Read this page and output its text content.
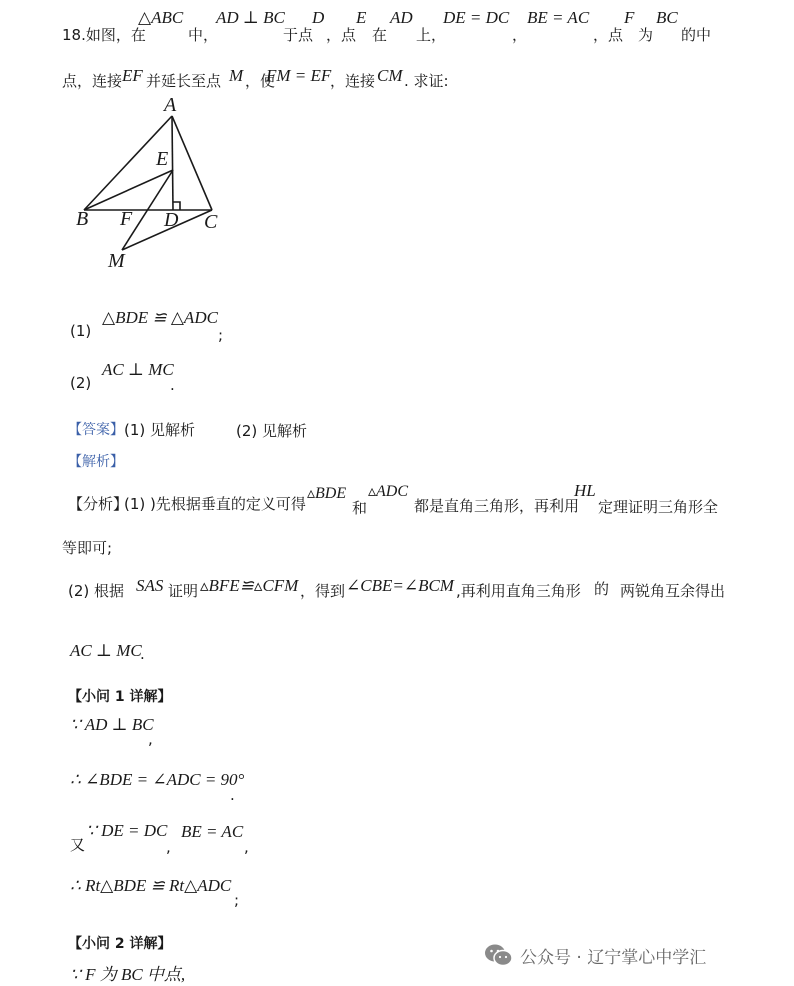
18.如图，在
△ABC
中，
AD ⊥ BC
于点
D
，点
E
在
AD
上，
DE = DC
，
BE = AC
，点
F
为
BC
的中
点，连接 EF 并延长至点 M ，使
FM = EF
，连接 CM . 求证:
A
E
B F D C
M
(1)
△BDE ≌ △ADC
;
(2)
AC ⊥ MC
.
【答案】 (1) 见解析	(2) 见解析
【解析】
【分析】
(1) )先根据垂直的定义可得
▵BDE
和
▵ADC
都是直角三角形，再利用
HL
定理证明三角形全
等即可;
(2) 根据 SAS 证明 ▵BFE≌▵CFM ，得到 ∠CBE=∠BCM ,再利用直角三角形 的 两锐角互余得出
AC ⊥ MC
.
【小问 1 详解】
∵ AD ⊥ BC
,
∴ ∠BDE = ∠ADC = 90°
.
又
∵ DE = DC
,
BE = AC
,
∴ Rt△BDE ≌ Rt△ADC
;
【小问 2 详解】
∵ F 为 BC 中点,
公众号 · 辽宁掌心中学汇
